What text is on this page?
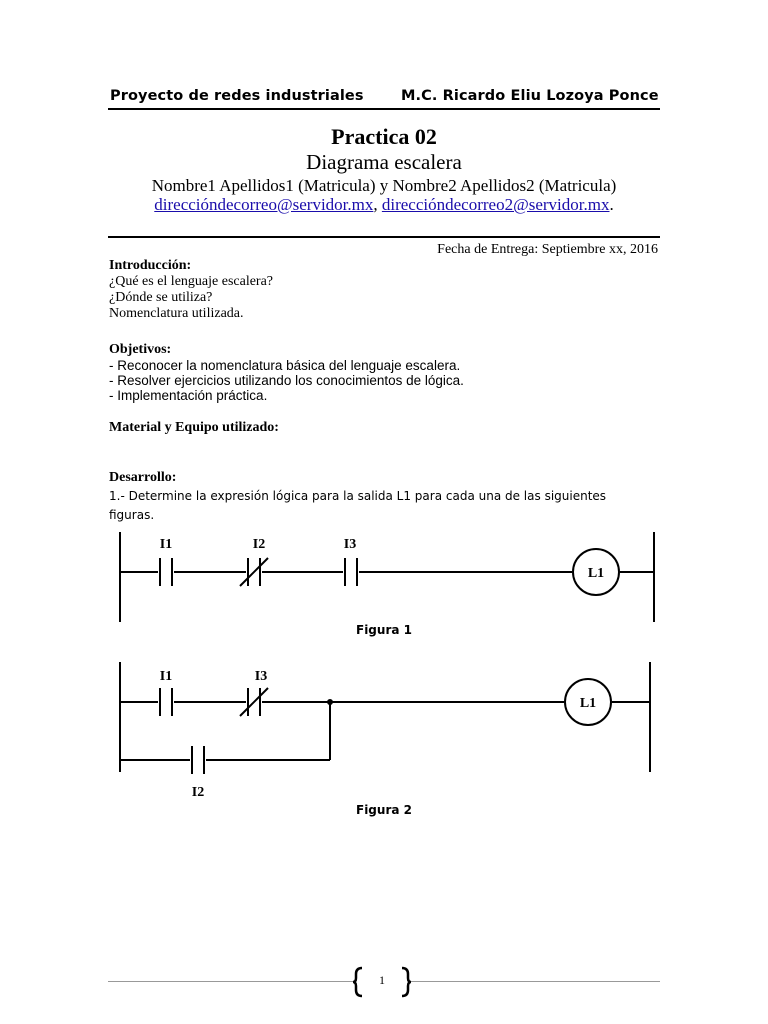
Proyecto de redes industriales	M.C. Ricardo Eliu Lozoya Ponce
Practica 02
Diagrama escalera
Nombre1 Apellidos1 (Matricula) y Nombre2 Apellidos2 (Matricula)
direccióndecorreo@servidor.mx, direccióndecorreo2@servidor.mx.
Fecha de Entrega: Septiembre xx, 2016
Introducción:
¿Qué es el lenguaje escalera?
¿Dónde se utiliza?
Nomenclatura utilizada.
Objetivos:
- Reconocer la nomenclatura básica del lenguaje escalera.
- Resolver ejercicios utilizando los conocimientos de lógica.
- Implementación práctica.
Material y Equipo utilizado:
Desarrollo:
1.- Determine la expresión lógica para la salida L1 para cada una de las siguientes figuras.
I1	I2	I3
L1
Figura 1
I1	I3
I2
L1
Figura 2
1
